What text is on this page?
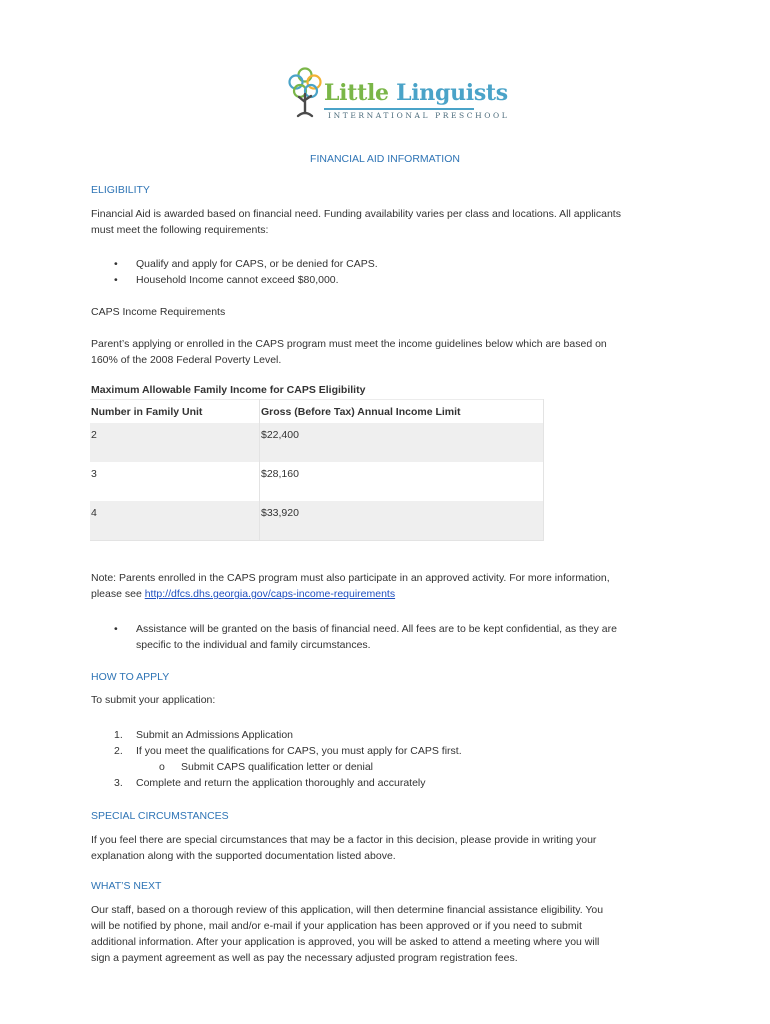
Little Linguists
INTERNATIONAL PRESCHOOL
FINANCIAL AID INFORMATION
ELIGIBILITY

Financial Aid is awarded based on financial need. Funding availability varies per class and locations. All applicants
must meet the following requirements:

•	Qualify and apply for CAPS, or be denied for CAPS.
•	Household Income cannot exceed $80,000.
CAPS Income Requirements

Parent’s applying or enrolled in the CAPS program must meet the income guidelines below which are based on
160% of the 2008 Federal Poverty Level.

Maximum Allowable Family Income for CAPS Eligibility
Number in Family Unit	Gross (Before Tax) Annual Income Limit
2	$22,400
3	$28,160
4	$33,920

Note: Parents enrolled in the CAPS program must also participate in an approved activity. For more information,
please see http://dfcs.dhs.georgia.gov/caps-income-requirements

•	Assistance will be granted on the basis of financial need. All fees are to be kept confidential, as they are
specific to the individual and family circumstances.
HOW TO APPLY
To submit your application:
1.	Submit an Admissions Application
2.	If you meet the qualifications for CAPS, you must apply for CAPS first.
o	Submit CAPS qualification letter or denial
3.	Complete and return the application thoroughly and accurately
SPECIAL CIRCUMSTANCES

If you feel there are special circumstances that may be a factor in this decision, please provide in writing your
explanation along with the supported documentation listed above.

WHAT’S NEXT

Our staff, based on a thorough review of this application, will then determine financial assistance eligibility. You
will be notified by phone, mail and/or e-mail if your application has been approved or if you need to submit
additional information. After your application is approved, you will be asked to attend a meeting where you will
sign a payment agreement as well as pay the necessary adjusted program registration fees.
